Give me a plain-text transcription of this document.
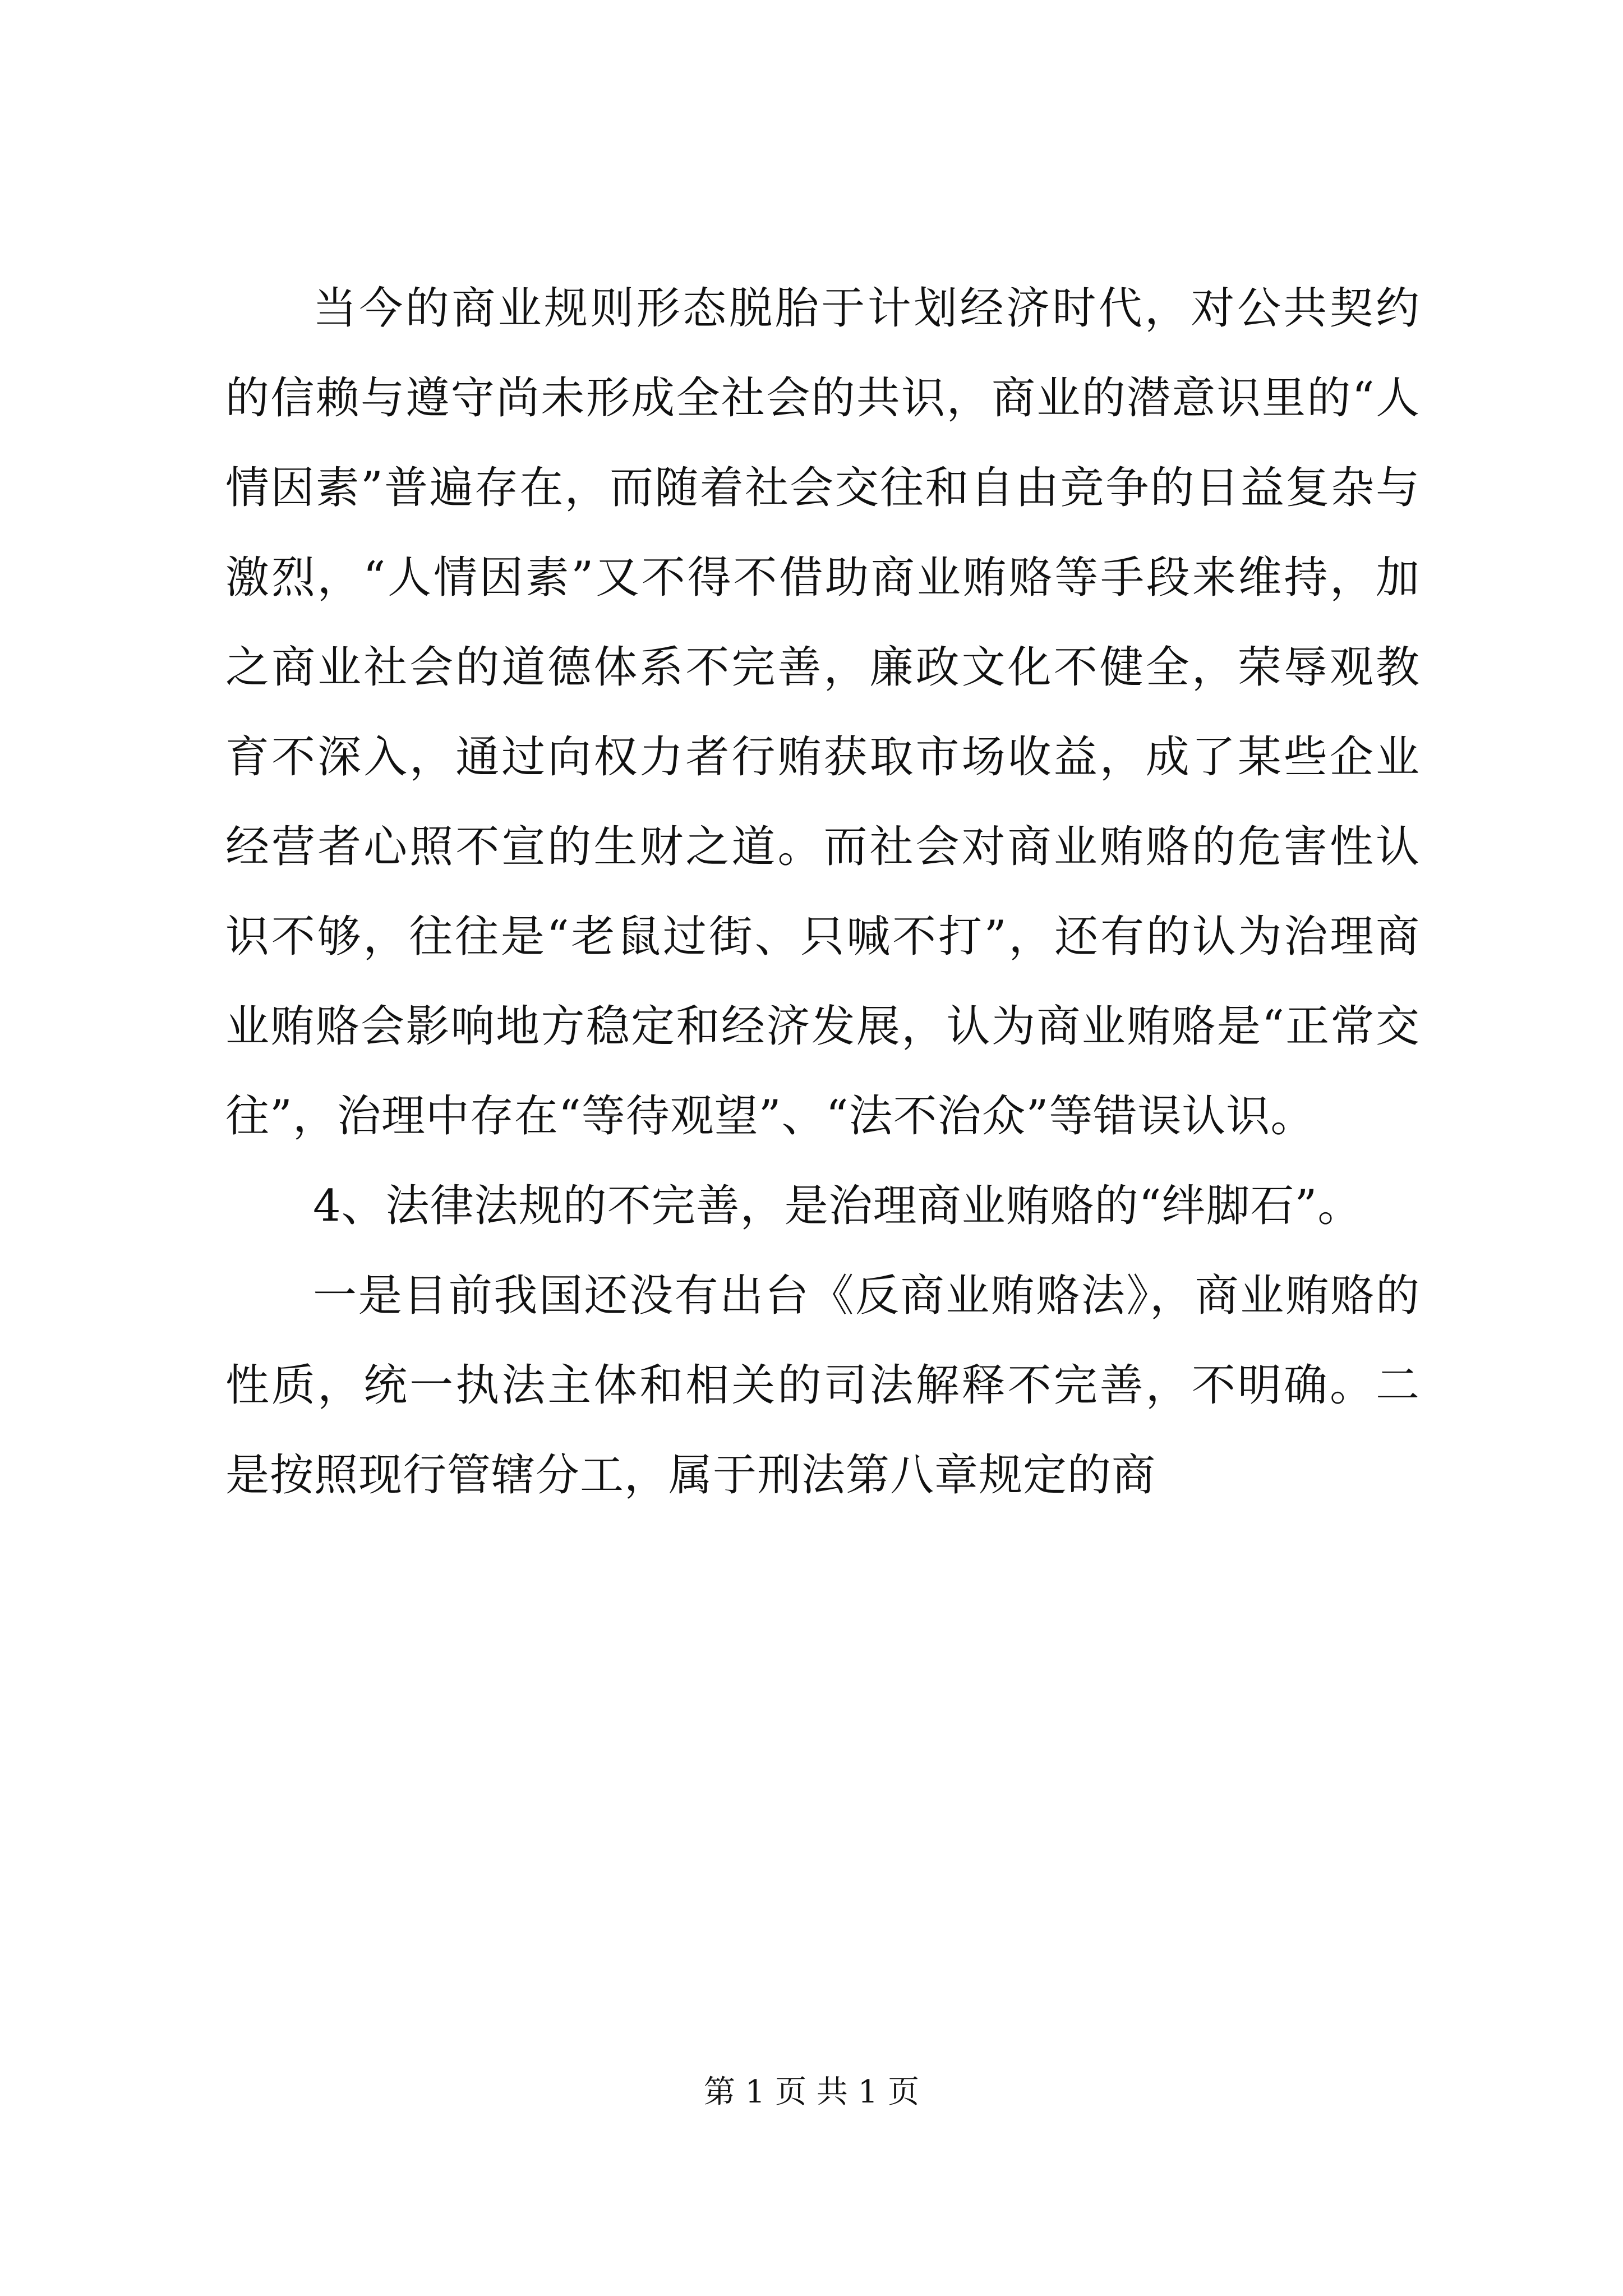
当今的商业规则形态脱胎于计划经济时代，对公共契约的信赖与遵守尚未形成全社会的共识，商业的潜意识里的“人情因素”普遍存在，而随着社会交往和自由竞争的日益复杂与激烈，“人情因素”又不得不借助商业贿赂等手段来维持，加之商业社会的道德体系不完善，廉政文化不健全，荣辱观教育不深入，通过向权力者行贿获取市场收益，成了某些企业经营者心照不宣的生财之道。而社会对商业贿赂的危害性认识不够，往往是“老鼠过街、只喊不打”，还有的认为治理商业贿赂会影响地方稳定和经济发展，认为商业贿赂是“正常交往”，治理中存在“等待观望”、“法不治众”等错误认识。

4、法律法规的不完善，是治理商业贿赂的“绊脚石”。

一是目前我国还没有出台《反商业贿赂法》，商业贿赂的性质，统一执法主体和相关的司法解释不完善，不明确。二是按照现行管辖分工，属于刑法第八章规定的商

第 1 页 共 1 页
